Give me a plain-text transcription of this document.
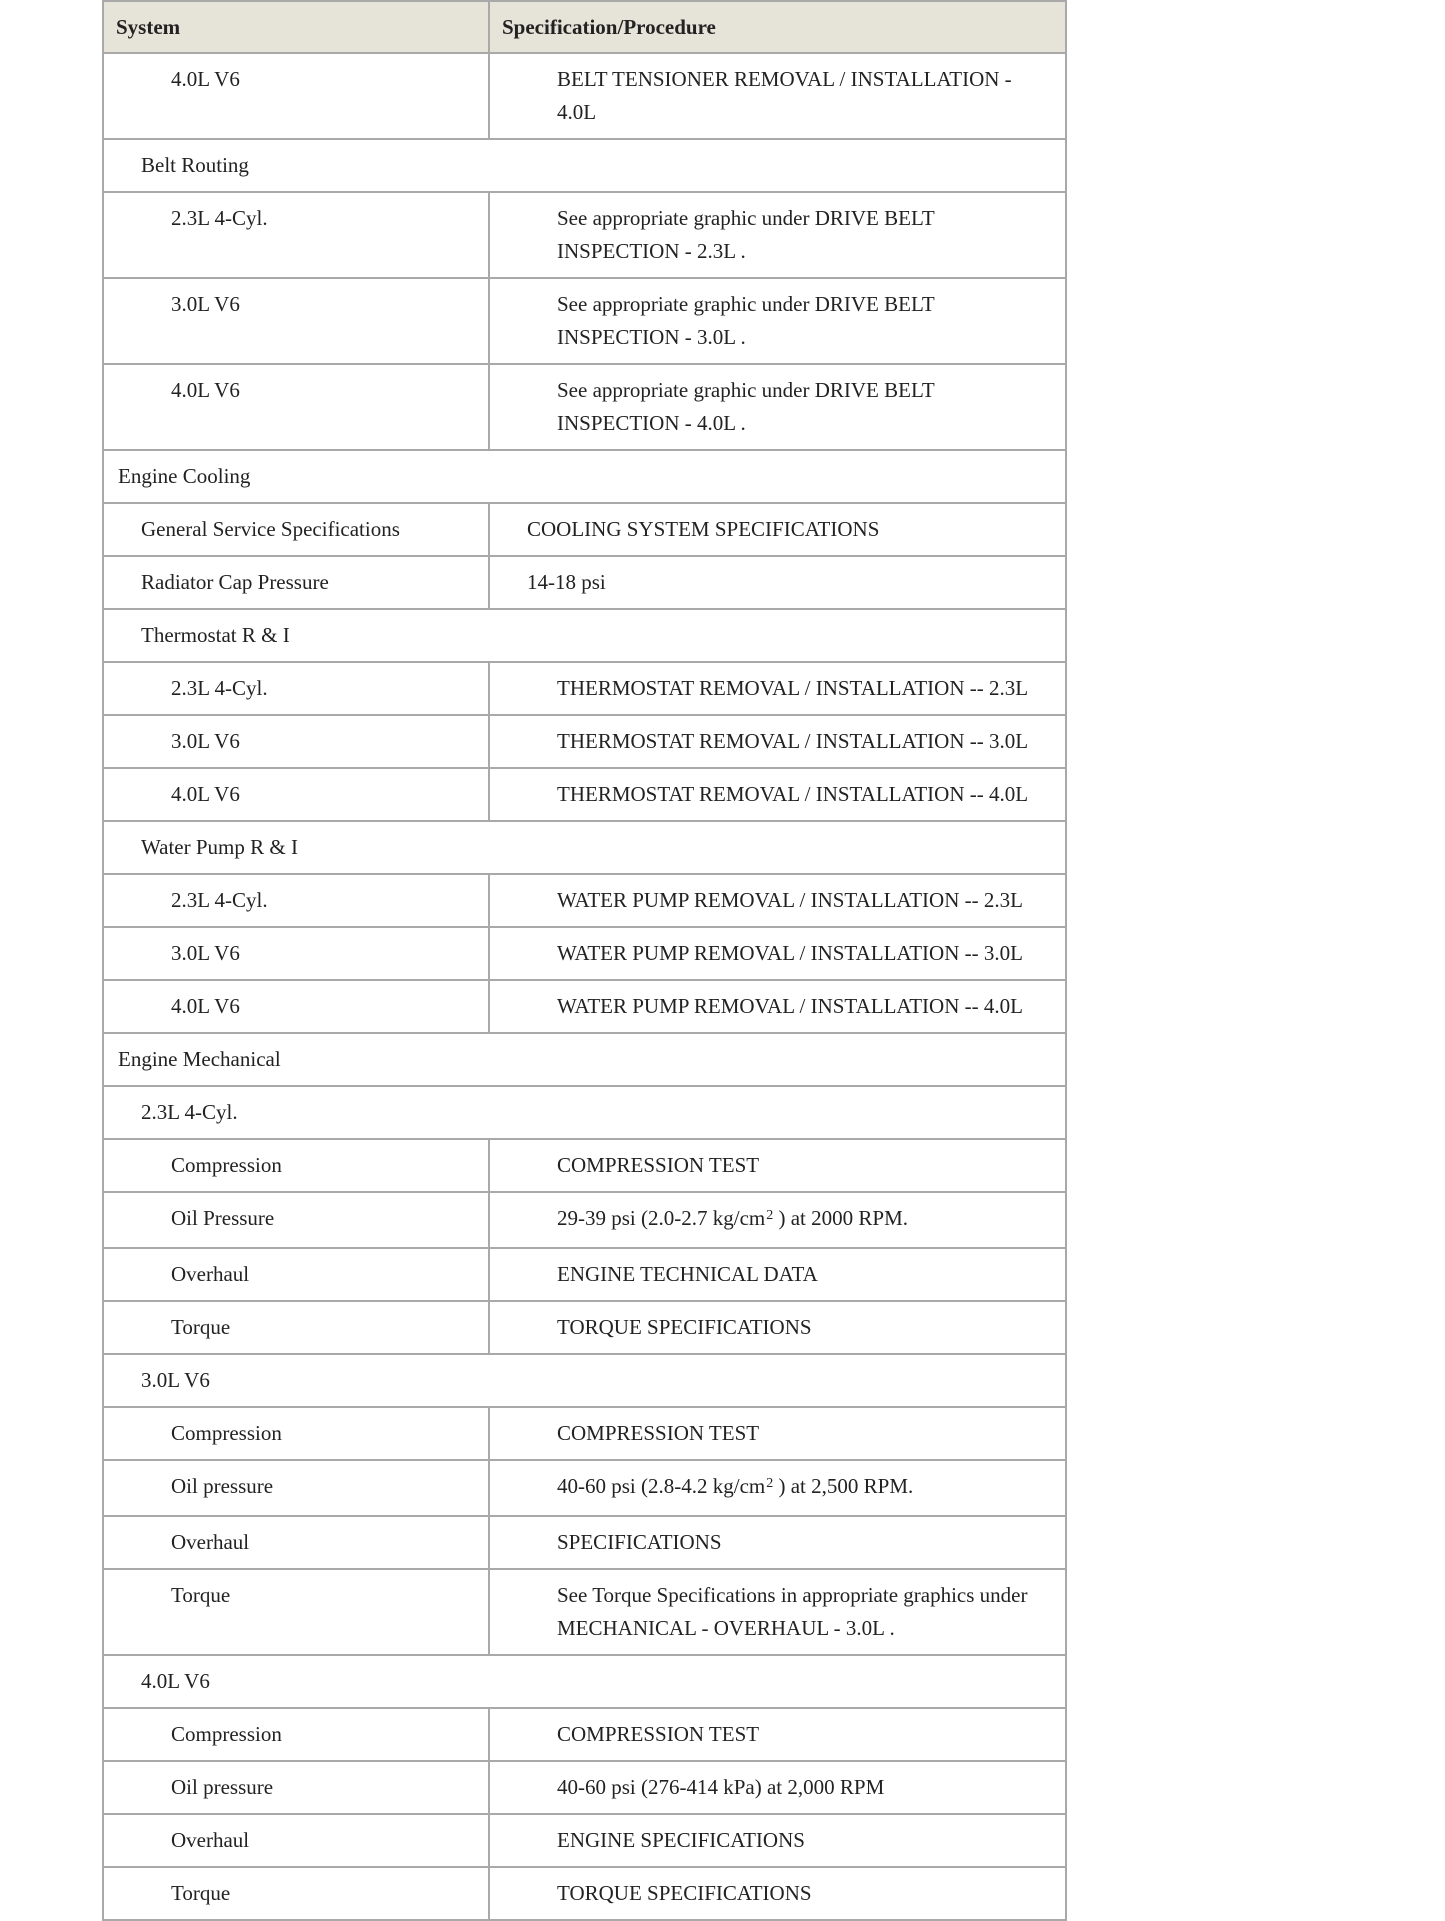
System	Specification/Procedure
4.0L V6	BELT TENSIONER REMOVAL / INSTALLATION - 4.0L
Belt Routing	
2.3L 4-Cyl.	See appropriate graphic under DRIVE BELT INSPECTION - 2.3L .
3.0L V6	See appropriate graphic under DRIVE BELT INSPECTION - 3.0L .
4.0L V6	See appropriate graphic under DRIVE BELT INSPECTION - 4.0L .
Engine Cooling	
General Service Specifications	COOLING SYSTEM SPECIFICATIONS
Radiator Cap Pressure	14-18 psi
Thermostat R & I	
2.3L 4-Cyl.	THERMOSTAT REMOVAL / INSTALLATION -- 2.3L
3.0L V6	THERMOSTAT REMOVAL / INSTALLATION -- 3.0L
4.0L V6	THERMOSTAT REMOVAL / INSTALLATION -- 4.0L
Water Pump R & I	
2.3L 4-Cyl.	WATER PUMP REMOVAL / INSTALLATION -- 2.3L
3.0L V6	WATER PUMP REMOVAL / INSTALLATION -- 3.0L
4.0L V6	WATER PUMP REMOVAL / INSTALLATION -- 4.0L
Engine Mechanical	
2.3L 4-Cyl.	
Compression	COMPRESSION TEST
Oil Pressure	29-39 psi (2.0-2.7 $kg/cm^2$ ) at 2000 RPM.
Overhaul	ENGINE TECHNICAL DATA
Torque	TORQUE SPECIFICATIONS
3.0L V6	
Compression	COMPRESSION TEST
Oil pressure	40-60 psi (2.8-4.2 $kg/cm^2$ ) at 2,500 RPM.
Overhaul	SPECIFICATIONS
Torque	See Torque Specifications in appropriate graphics under MECHANICAL - OVERHAUL - 3.0L .
4.0L V6	
Compression	COMPRESSION TEST
Oil pressure	40-60 psi (276-414 kPa) at 2,000 RPM
Overhaul	ENGINE SPECIFICATIONS
Torque	TORQUE SPECIFICATIONS
